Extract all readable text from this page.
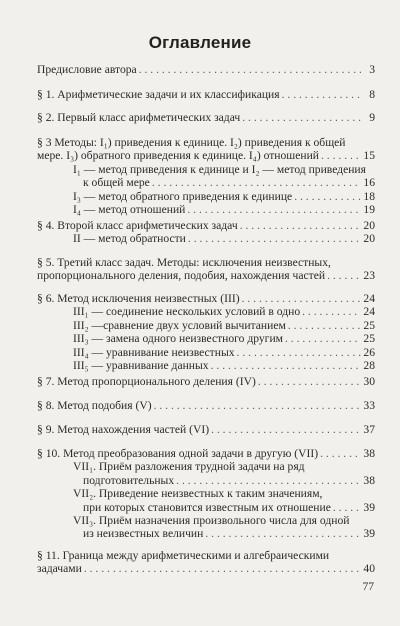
Оглавление
Предисловие автора . . .	3
§ 1. Арифметические задачи и их классификация . . .	8
§ 2. Первый класс арифметических задач . . .	9
§ 3 Методы: I₁) приведения к единице. I₂) приведения к общей
мере. I₃) обратного приведения к единице. I₄) отношений . . .	15
I₁ — метод приведения к единице и I₂ — метод приведения
к общей мере . . .	16
I₃ — метод обратного приведения к единице . . .	18
I₄ — метод отношений . . .	19
§ 4. Второй класс арифметических задач . . .	20
II — метод обратности . . .	20
§ 5. Третий класс задач. Методы: исключения неизвестных,
пропорционального деления, подобия, нахождения частей . . .	23
§ 6. Метод исключения неизвестных (III) . . .	24
III₁ — соединение нескольких условий в одно . . .	24
III₂ —сравнение двух условий вычитанием . . .	25
III₃ — замена одного неизвестного другим . . .	25
III₄ — уравнивание неизвестных . . .	26
III₅ — уравнивание данных . . .	28
§ 7. Метод пропорционального деления (IV) . . .	30
§ 8. Метод подобия (V) . . .	33
§ 9. Метод нахождения частей (VI) . . .	37
§ 10. Метод преобразования одной задачи в другую (VII) . . .	38
VII₁. Приём разложения трудной задачи на ряд
подготовительных . . .	38
VII₂. Приведение неизвестных к таким значениям,
при которых становится известным их отношение . . .	39
VII₃. Приём назначения произвольного числа для одной
из неизвестных величин . . .	39
§ 11. Граница между арифметическими и алгебраическими
задачами . . .	40
77
